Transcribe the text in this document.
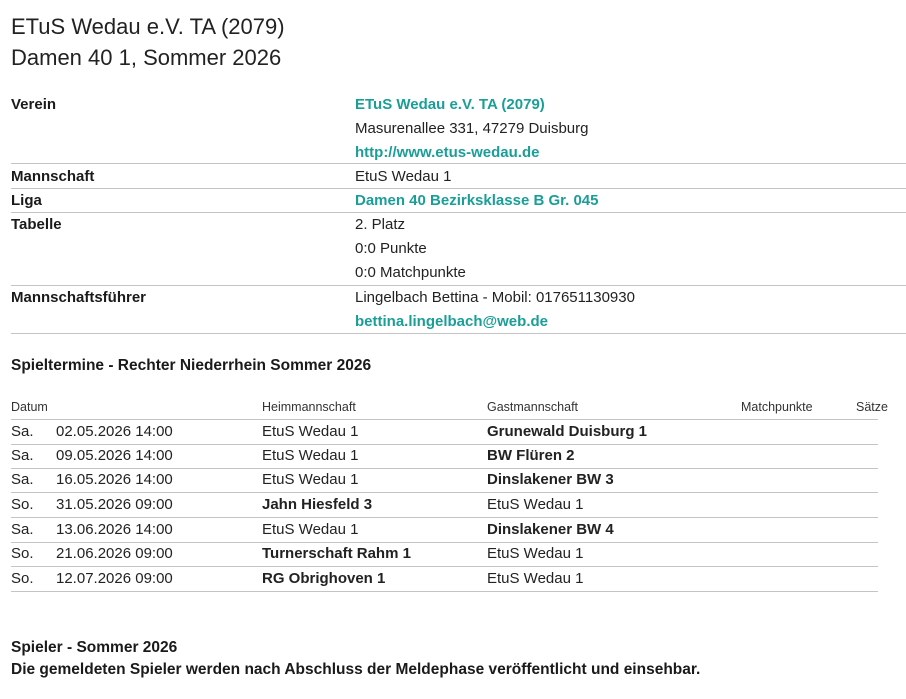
ETuS Wedau e.V. TA (2079)
Damen 40 1, Sommer 2026
Verein	ETuS Wedau e.V. TA (2079)
Masurenallee 331, 47279 Duisburg
http://www.etus-wedau.de
Mannschaft	EtuS Wedau 1
Liga	Damen 40 Bezirksklasse B Gr. 045
Tabelle	2. Platz
0:0 Punkte
0:0 Matchpunkte
Mannschaftsführer	Lingelbach Bettina - Mobil: 017651130930
bettina.lingelbach@web.de
Spieltermine - Rechter Niederrhein Sommer 2026
Datum	Heimmannschaft	Gastmannschaft	Matchpunkte	Sätze
Sa. 02.05.2026 14:00	EtuS Wedau 1	Grunewald Duisburg 1
Sa. 09.05.2026 14:00	EtuS Wedau 1	BW Flüren 2
Sa. 16.05.2026 14:00	EtuS Wedau 1	Dinslakener BW 3
So. 31.05.2026 09:00	Jahn Hiesfeld 3	EtuS Wedau 1
Sa. 13.06.2026 14:00	EtuS Wedau 1	Dinslakener BW 4
So. 21.06.2026 09:00	Turnerschaft Rahm 1	EtuS Wedau 1
So. 12.07.2026 09:00	RG Obrighoven 1	EtuS Wedau 1
Spieler - Sommer 2026
Die gemeldeten Spieler werden nach Abschluss der Meldephase veröffentlicht und einsehbar.
